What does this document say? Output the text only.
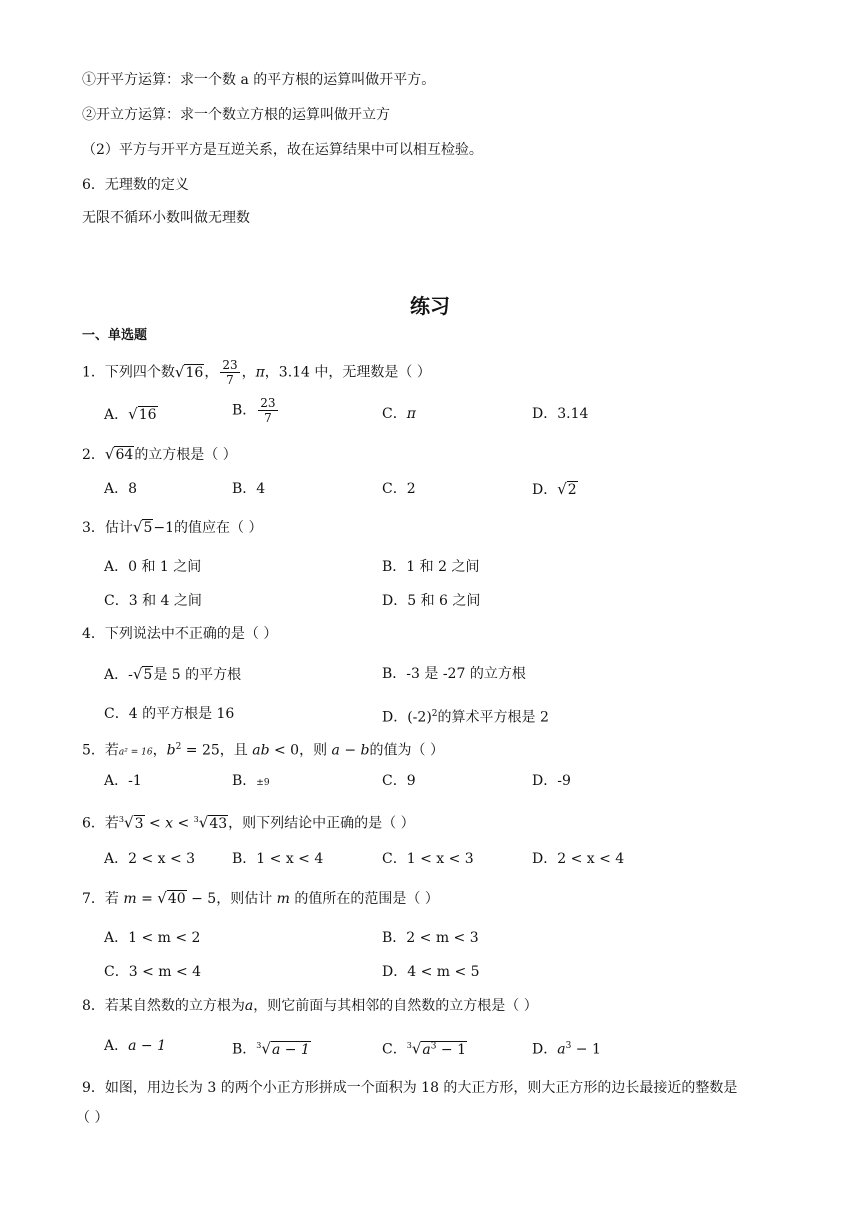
①开平方运算：求一个数 a 的平方根的运算叫做开平方。
②开立方运算：求一个数立方根的运算叫做开立方
（2）平方与开平方是互逆关系，故在运算结果中可以相互检验。
6．无理数的定义
无限不循环小数叫做无理数
练习
一、单选题
1．下列四个数√16， $\frac{23}{7}$ ，π，3.14 中，无理数是（ ）
A．√16	B． $\frac{23}{7}$	C．π	D．3.14
2．√64的立方根是（ ）
A．8	B．4	C．2	D．√2
3．估计√5−1的值应在（ ）
A．0 和 1 之间	B．1 和 2 之间
C．3 和 4 之间	D．5 和 6 之间
4．下列说法中不正确的是（ ）
A．-√5是 5 的平方根	B．-3 是 -27 的立方根
C．4 的平方根是 16	D．$(-2)^2$的算术平方根是 2
5．若a² = 16，$b^2 = 25$，且 ab < 0，则 a − b的值为（ ）
A．-1	B．±9	C．9	D．-9
6．若$^3$√3 < x < $^3$√43，则下列结论中正确的是（ ）
A．2 < x < 3	B．1 < x < 4	C．1 < x < 3	D．2 < x < 4
7．若 m = √40 − 5，则估计 m 的值所在的范围是（ ）
A．1 < m < 2	B．2 < m < 3
C．3 < m < 4	D．4 < m < 5
8．若某自然数的立方根为a，则它前面与其相邻的自然数的立方根是（ ）
A．a − 1	B．$^3$√a − 1	C．$^3√a^3 - 1$	D．$a^3 - 1$
9．如图，用边长为 3 的两个小正方形拼成一个面积为 18 的大正方形，则大正方形的边长最接近的整数是
（ ）
